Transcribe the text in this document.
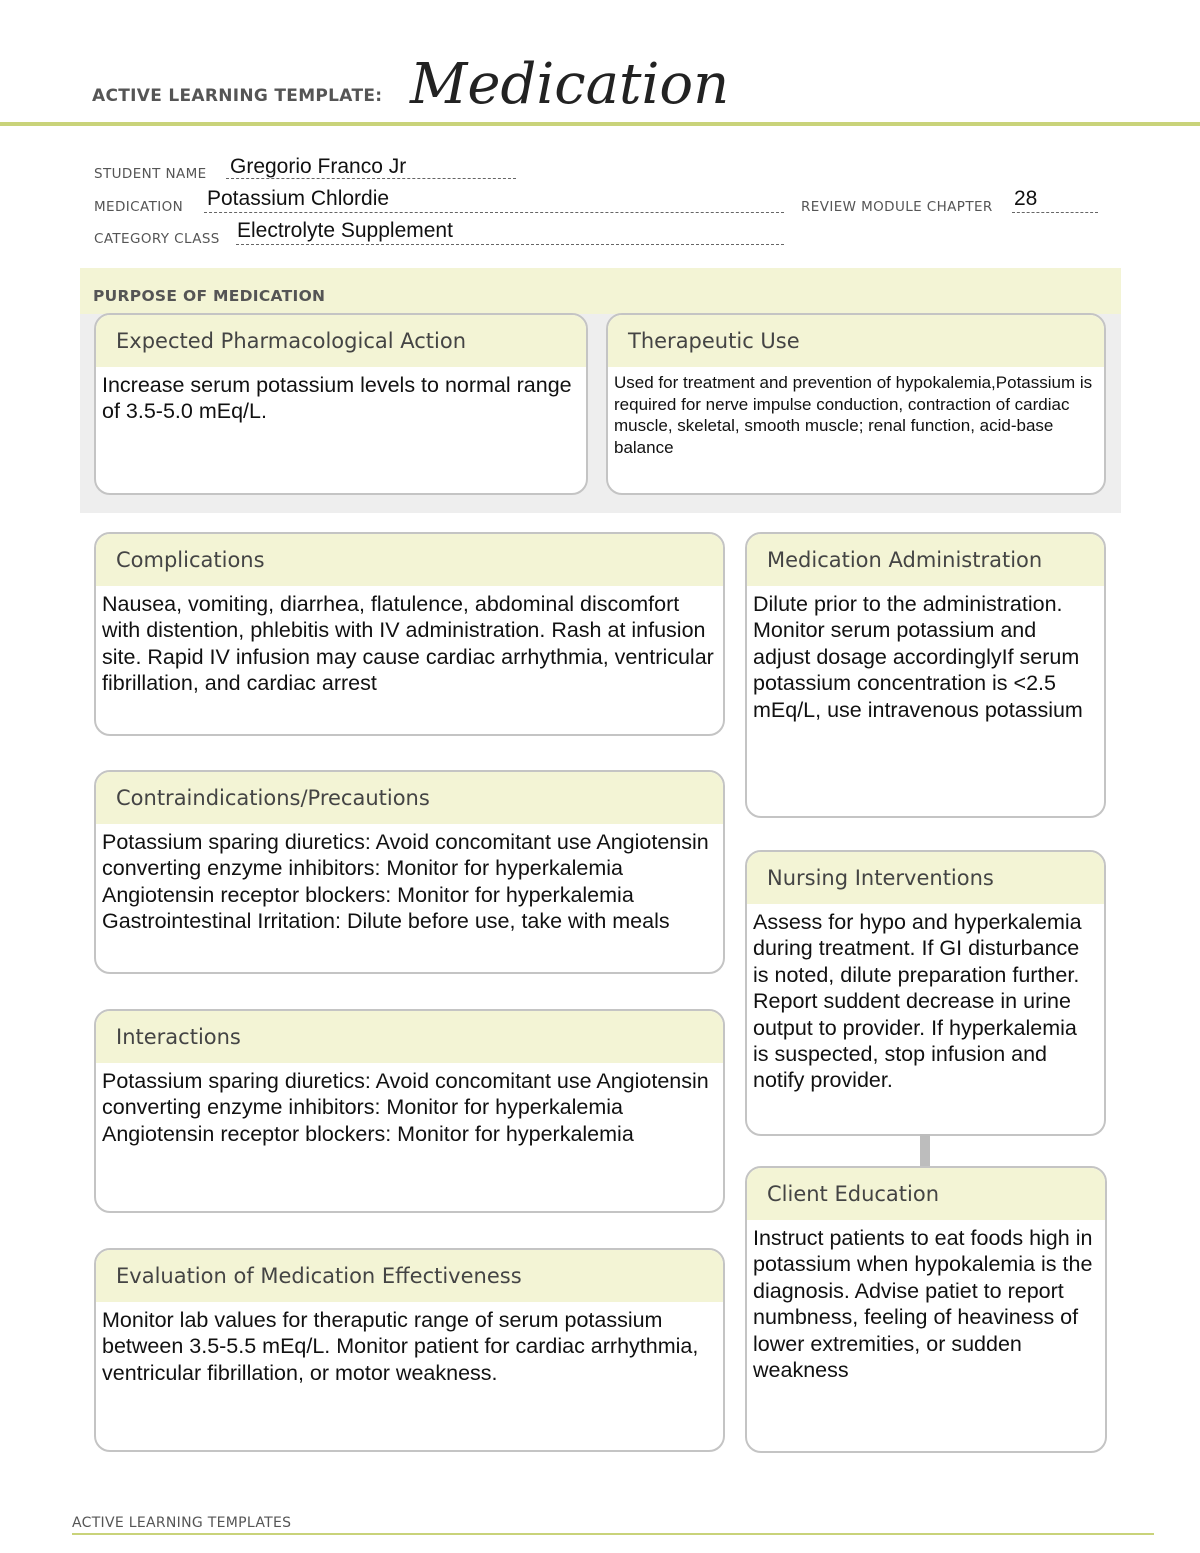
ACTIVE LEARNING TEMPLATE: Medication
STUDENT NAME Gregorio Franco Jr
MEDICATION Potassium Chlordie	REVIEW MODULE CHAPTER 28
CATEGORY CLASS Electrolyte Supplement
PURPOSE OF MEDICATION
Expected Pharmacological Action
Increase serum potassium levels to normal range of 3.5-5.0 mEq/L.
Therapeutic Use
Used for treatment and prevention of hypokalemia,Potassium is required for nerve impulse conduction, contraction of cardiac muscle, skeletal, smooth muscle; renal function, acid-base balance
Complications
Nausea, vomiting, diarrhea, flatulence, abdominal discomfort with distention, phlebitis with IV administration. Rash at infusion site. Rapid IV infusion may cause cardiac arrhythmia, ventricular fibrillation, and cardiac arrest
Contraindications/Precautions
Potassium sparing diuretics: Avoid concomitant use Angiotensin converting enzyme inhibitors: Monitor for hyperkalemia Angiotensin receptor blockers: Monitor for hyperkalemia Gastrointestinal Irritation: Dilute before use, take with meals
Interactions
Potassium sparing diuretics: Avoid concomitant use Angiotensin converting enzyme inhibitors: Monitor for hyperkalemia Angiotensin receptor blockers: Monitor for hyperkalemia
Evaluation of Medication Effectiveness
Monitor lab values for theraputic range of serum potassium between 3.5-5.5 mEq/L. Monitor patient for cardiac arrhythmia, ventricular fibrillation, or motor weakness.
Medication Administration
Dilute prior to the administration. Monitor serum potassium and adjust dosage accordinglyIf serum potassium concentration is <2.5 mEq/L, use intravenous potassium
Nursing Interventions
Assess for hypo and hyperkalemia during treatment. If GI disturbance is noted, dilute preparation further. Report suddent decrease in urine output to provider. If hyperkalemia is suspected, stop infusion and notify provider.
Client Education
Instruct patients to eat foods high in potassium when hypokalemia is the diagnosis. Advise patiet to report numbness, feeling of heaviness of lower extremities, or sudden weakness
ACTIVE LEARNING TEMPLATES
